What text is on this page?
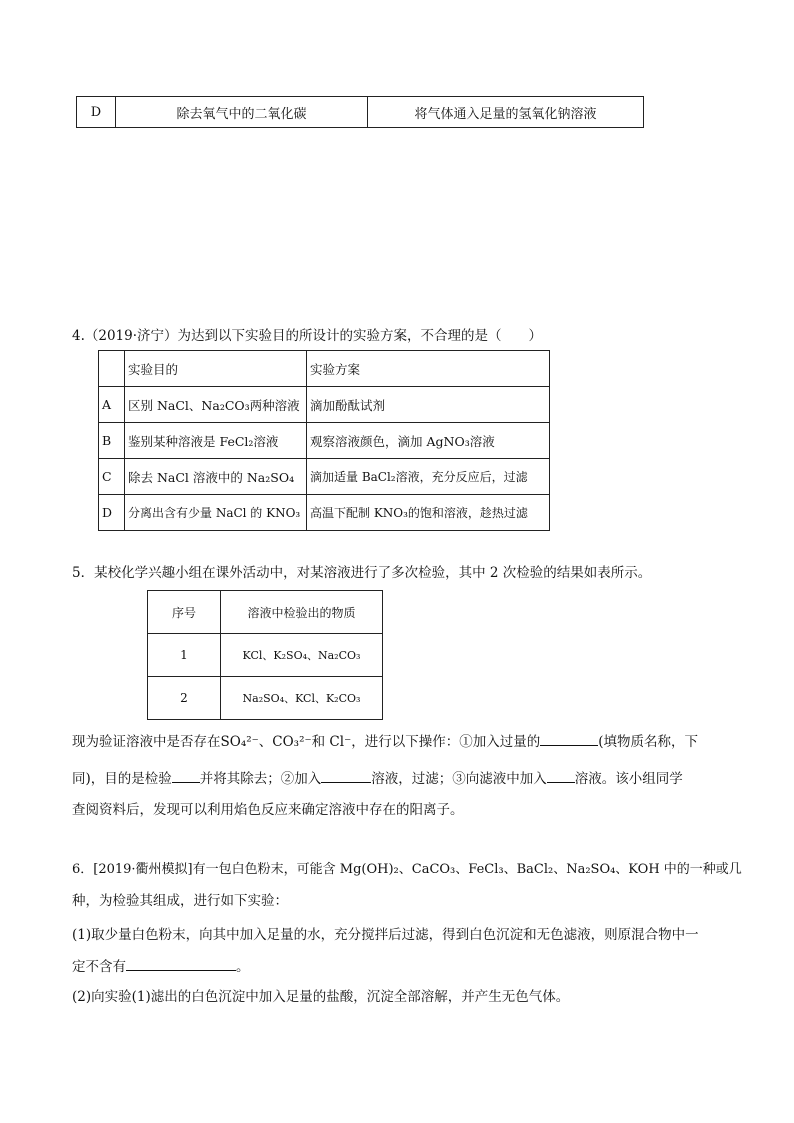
D	除去氧气中的二氧化碳	将气体通入足量的氢氧化钠溶液
4.（2019·济宁）为达到以下实验目的所设计的实验方案，不合理的是（　　）
	实验目的	实验方案
A	区别 NaCl、Na₂CO₃两种溶液	滴加酚酞试剂
B	鉴别某种溶液是 FeCl₂溶液	观察溶液颜色，滴加 AgNO₃溶液
C	除去 NaCl 溶液中的 Na₂SO₄	滴加适量 BaCl₂溶液，充分反应后，过滤
D	分离出含有少量 NaCl 的 KNO₃	高温下配制 KNO₃的饱和溶液，趁热过滤
5．某校化学兴趣小组在课外活动中，对某溶液进行了多次检验，其中 2 次检验的结果如表所示。
序号	溶液中检验出的物质
1	KCl、K₂SO₄、Na₂CO₃
2	Na₂SO₄、KCl、K₂CO₃
现为验证溶液中是否存在SO₄²⁻、CO₃²⁻和 Cl⁻，进行以下操作：①加入过量的	(填物质名称，下
同)，目的是检验 并将其除去；②加入	溶液，过滤；③向滤液中加入 溶液。该小组同学
查阅资料后，发现可以利用焰色反应来确定溶液中存在的阳离子。
6．[2019·衢州模拟]有一包白色粉末，可能含 Mg(OH)₂、CaCO₃、FeCl₃、BaCl₂、Na₂SO₄、KOH 中的一种或几
种，为检验其组成，进行如下实验：
(1)取少量白色粉末，向其中加入足量的水，充分搅拌后过滤，得到白色沉淀和无色滤液，则原混合物中一
定不含有	。
(2)向实验(1)滤出的白色沉淀中加入足量的盐酸，沉淀全部溶解，并产生无色气体。
